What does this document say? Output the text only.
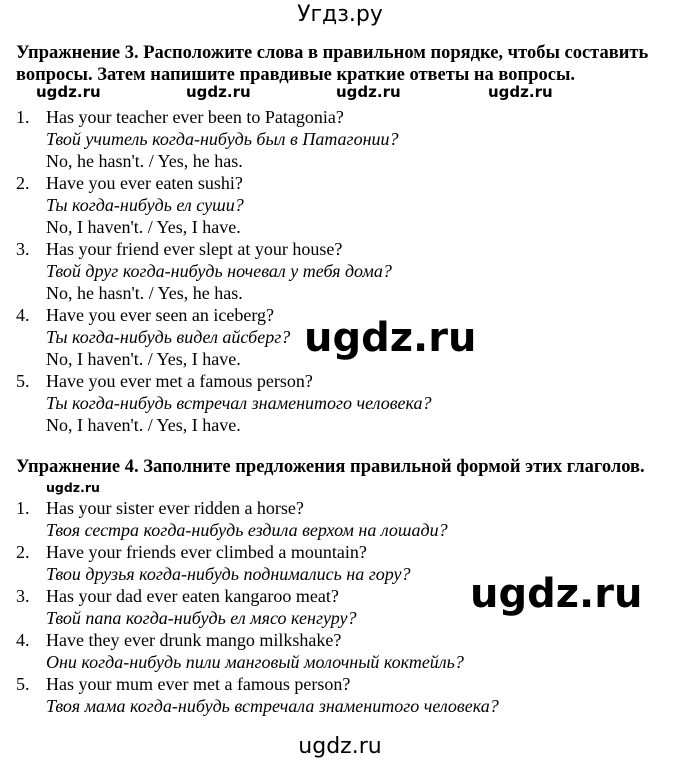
Угдз.ру
Упражнение 3. Расположите слова в правильном порядке, чтобы составить
вопросы. Затем напишите правдивые краткие ответы на вопросы.
ugdz.ru	ugdz.ru	ugdz.ru	ugdz.ru
1. Has your teacher ever been to Patagonia?
Твой учитель когда-нибудь был в Патагонии?
No, he hasn't. / Yes, he has.
2. Have you ever eaten sushi?
Ты когда-нибудь ел суши?
No, I haven't. / Yes, I have.
3. Has your friend ever slept at your house?
Твой друг когда-нибудь ночевал у тебя дома?
No, he hasn't. / Yes, he has.
4. Have you ever seen an iceberg?
Ты когда-нибудь видел айсберг?
No, I haven't. / Yes, I have.
5. Have you ever met a famous person?
Ты когда-нибудь встречал знаменитого человека?
No, I haven't. / Yes, I have.
ugdz.ru
Упражнение 4. Заполните предложения правильной формой этих глаголов.
ugdz.ru
1. Has your sister ever ridden a horse?
Твоя сестра когда-нибудь ездила верхом на лошади?
2. Have your friends ever climbed a mountain?
Твои друзья когда-нибудь поднимались на гору?
3. Has your dad ever eaten kangaroo meat?
Твой папа когда-нибудь ел мясо кенгуру?
4. Have they ever drunk mango milkshake?
Они когда-нибудь пили манговый молочный коктейль?
5. Has your mum ever met a famous person?
Твоя мама когда-нибудь встречала знаменитого человека?
ugdz.ru
ugdz.ru
